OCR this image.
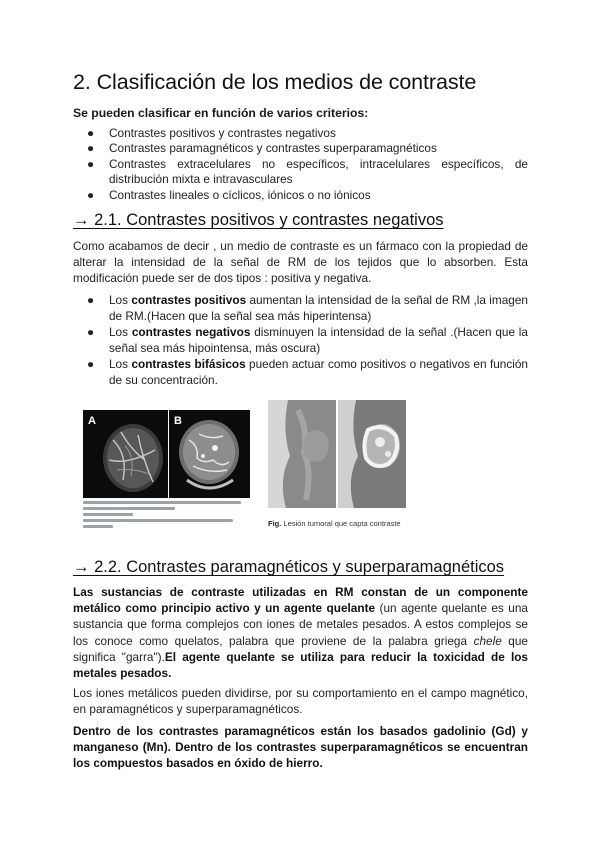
2. Clasificación de los medios de contraste
Se pueden clasificar en función de varios criterios:
● Contrastes positivos y contrastes negativos
● Contrastes paramagnéticos y contrastes superparamagnéticos
● Contrastes extracelulares no específicos, intracelulares específicos, de distribución mixta e intravasculares
● Contrastes lineales o cíclicos, iónicos o no iónicos
→ 2.1. Contrastes positivos y contrastes negativos

Como acabamos de decir , un medio de contraste es un fármaco con la propiedad de alterar la intensidad de la señal de RM de los tejidos que lo absorben. Esta modificación puede ser de dos tipos : positiva y negativa.

● Los contrastes positivos aumentan la intensidad de la señal de RM ,la imagen de RM.(Hacen que la señal sea más hiperintensa)
● Los contrastes negativos disminuyen la intensidad de la señal .(Hacen que la señal sea más hipointensa, más oscura)
● Los contrastes bifásicos pueden actuar como positivos o negativos en función de su concentración.
A	B
Fig. Lesión tumoral que capta contraste
→ 2.2. Contrastes paramagnéticos y superparamagnéticos

Las sustancias de contraste utilizadas en RM constan de un componente metálico como principio activo y un agente quelante (un agente quelante es una sustancia que forma complejos con iones de metales pesados. A estos complejos se los conoce como quelatos, palabra que proviene de la palabra griega chele que significa "garra").El agente quelante se utiliza para reducir la toxicidad de los metales pesados.

Los iones metálicos pueden dividirse, por su comportamiento en el campo magnético, en paramagnéticos y superparamagnéticos.

Dentro de los contrastes paramagnéticos están los basados gadolinio (Gd) y manganeso (Mn). Dentro de los contrastes superparamagnéticos se encuentran los compuestos basados en óxido de hierro.
